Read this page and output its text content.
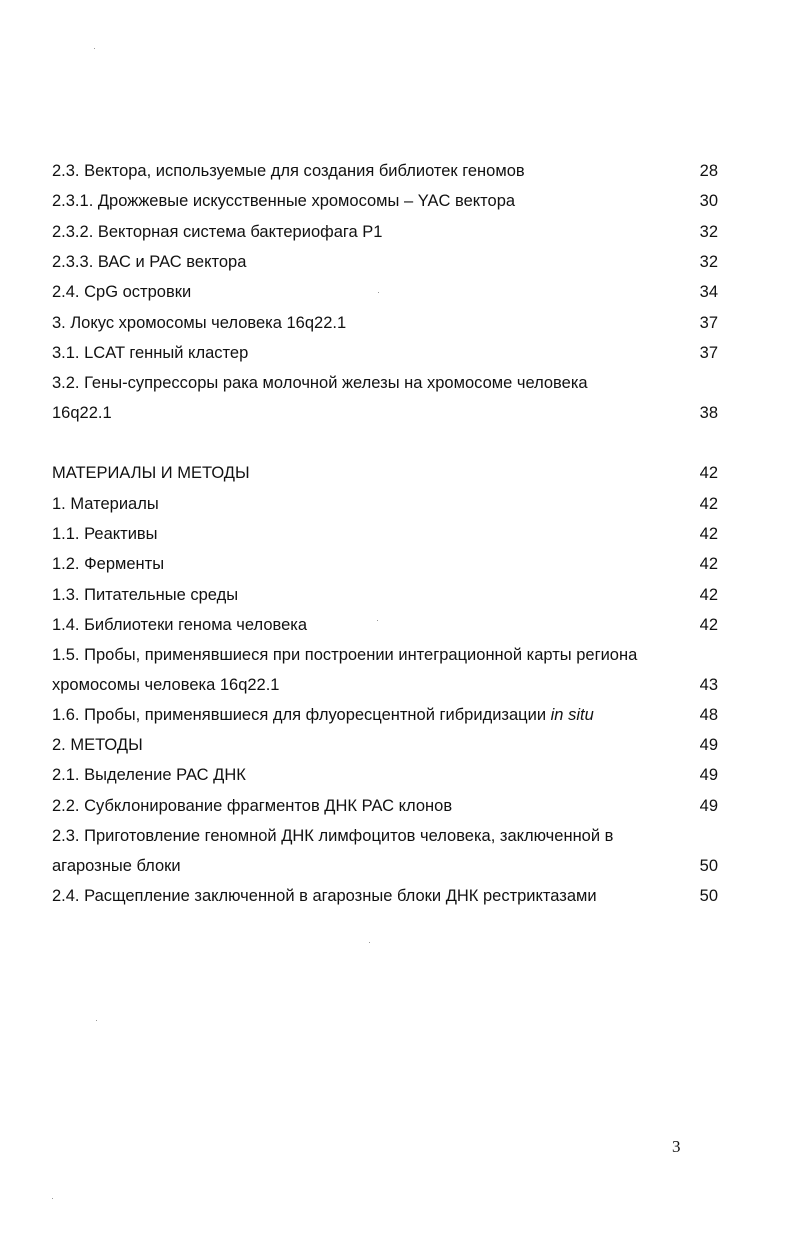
2.3. Вектора, используемые для создания библиотек геномов	28
2.3.1. Дрожжевые искусственные хромосомы – YAC вектора	30
2.3.2. Векторная система бактериофага Р1	32
2.3.3. ВАС и РАС вектора	32
2.4. CpG островки	34
3. Локус хромосомы человека 16q22.1	37
3.1. LCAT генный кластер	37
3.2. Гены-супрессоры рака молочной железы на хромосоме человека
16q22.1	38
МАТЕРИАЛЫ И МЕТОДЫ	42
1. Материалы	42
1.1. Реактивы	42
1.2. Ферменты	42
1.3. Питательные среды	42
1.4. Библиотеки генома человека	42
1.5. Пробы, применявшиеся при построении интеграционной карты региона
хромосомы человека 16q22.1	43
1.6. Пробы, применявшиеся для флуоресцентной гибридизации in situ	48
2. МЕТОДЫ	49
2.1. Выделение РАС ДНК	49
2.2. Субклонирование фрагментов ДНК РАС клонов	49
2.3. Приготовление геномной ДНК лимфоцитов человека, заключенной в
агарозные блоки	50
2.4. Расщепление заключенной в агарозные блоки ДНК рестриктазами	50
3
